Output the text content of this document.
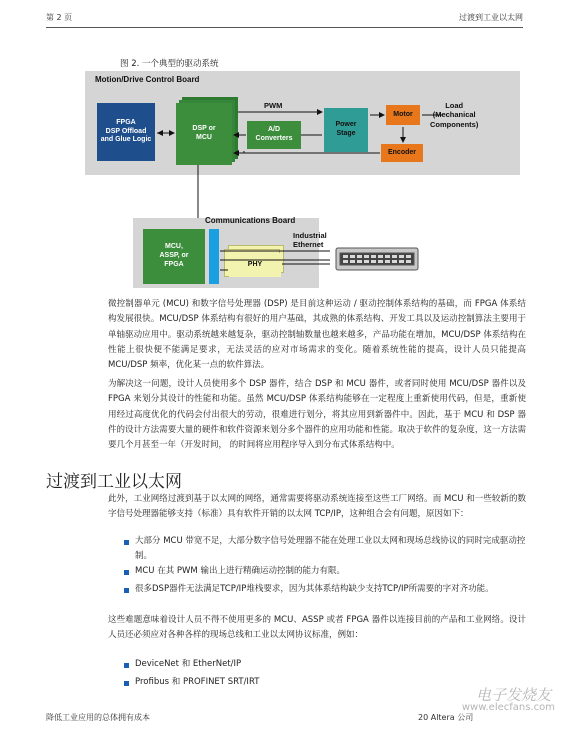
第 2 页	过渡到工业以太网
图 2. 一个典型的驱动系统
Motion/Drive Control Board
FPGA
DSP Offload
and Glue Logic
DSP or
MCU
A/D
Converters
Power
Stage
Motor
Encoder
PWM	Load
(Mechanical
Components)
Communications Board
MCU,
ASSP, or
FPGA	PHY
Industrial
Ethernet

微控制器单元 (MCU) 和数字信号处理器 (DSP) 是目前这种运动 / 驱动控制体系结构的基础，而 FPGA 体系结构发展很快。MCU/DSP 体系结构有很好的用户基础，其成熟的体系结构、开发工具以及运动控制算法主要用于单轴驱动应用中。驱动系统越来越复杂，驱动控制轴数量也越来越多，产品功能在增加，MCU/DSP 体系结构在性能上很快便不能满足要求，无法灵活的应对市场需求的变化。随着系统性能的提高，设计人员只能提高 MCU/DSP 频率，优化某一点的软件算法。

为解决这一问题，设计人员使用多个 DSP 器件，结合 DSP 和 MCU 器件，或者同时使用 MCU/DSP 器件以及 FPGA 来划分其设计的性能和功能。虽然 MCU/DSP 体系结构能够在一定程度上重新使用代码，但是，重新使用经过高度优化的代码会付出很大的劳动，很难进行划分，将其应用到新器件中。因此，基于 MCU 和 DSP 器件的设计方法需要大量的硬件和软件资源来划分多个器件的应用功能和性能。取决于软件的复杂度，这一方法需要几个月甚至一年（开发时间， 的时间将应用程序导入到分布式体系结构中。

过渡到工业以太网

此外，工业网络过渡到基于以太网的网络，通常需要将驱动系统连接至这些工厂网络。而 MCU 和一些较新的数字信号处理器能够支持（标准）具有软件开销的以太网 TCP/IP，这种组合会有问题，原因如下：

大部分 MCU 带宽不足，大部分数字信号处理器不能在处理工业以太网和现场总线协议的同时完成驱动控制。

MCU 在其 PWM 输出上进行精确运动控制的能力有限。

很多DSP器件无法满足TCP/IP堆栈要求，因为其体系结构缺少支持TCP/IP所需要的字对齐功能。

这些难题意味着设计人员不得不使用更多的 MCU、ASSP 或者 FPGA 器件以连接目前的产品和工业网络。设计人员还必须应对各种各样的现场总线和工业以太网协议标准，例如：

DeviceNet 和 EtherNet/IP

Profibus 和 PROFINET SRT/IRT

电子发烧友
www.elecfans.com
降低工业应用的总体拥有成本	20 Altera 公司
